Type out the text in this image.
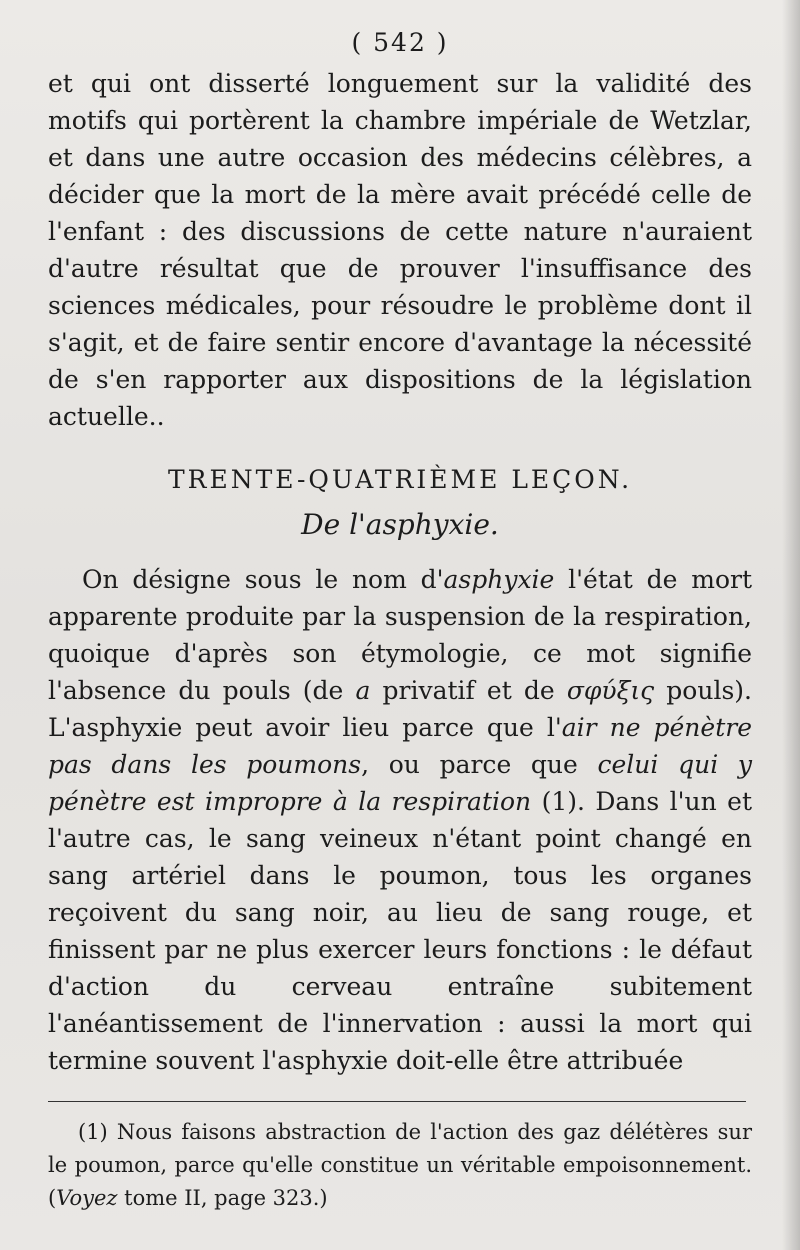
( 542 )

et qui ont disserté longuement sur la validité des motifs qui portèrent la chambre impériale de Wetzlar, et dans une autre occasion des médecins célèbres, a décider que la mort de la mère avait précédé celle de l'enfant : des discussions de cette nature n'auraient d'autre résultat que de prouver l'insuffisance des sciences médicales, pour résoudre le problème dont il s'agit, et de faire sentir encore d'avantage la nécessité de s'en rapporter aux dispositions de la législation actuelle..

TRENTE-QUATRIÈME LEÇON.
De l'asphyxie.

On désigne sous le nom d'asphyxie l'état de mort apparente produite par la suspension de la respiration, quoique d'après son étymologie, ce mot signifie l'absence du pouls (de a privatif et de σφύξις pouls). L'asphyxie peut avoir lieu parce que l'air ne pénètre pas dans les poumons, ou parce que celui qui y pénètre est impropre à la respiration (1). Dans l'un et l'autre cas, le sang veineux n'étant point changé en sang artériel dans le poumon, tous les organes reçoivent du sang noir, au lieu de sang rouge, et finissent par ne plus exercer leurs fonctions : le défaut d'action du cerveau entraîne subitement l'anéantissement de l'innervation : aussi la mort qui termine souvent l'asphyxie doit-elle être attribuée

(1) Nous faisons abstraction de l'action des gaz délétères sur le poumon, parce qu'elle constitue un véritable empoisonnement. (Voyez tome II, page 323.)
